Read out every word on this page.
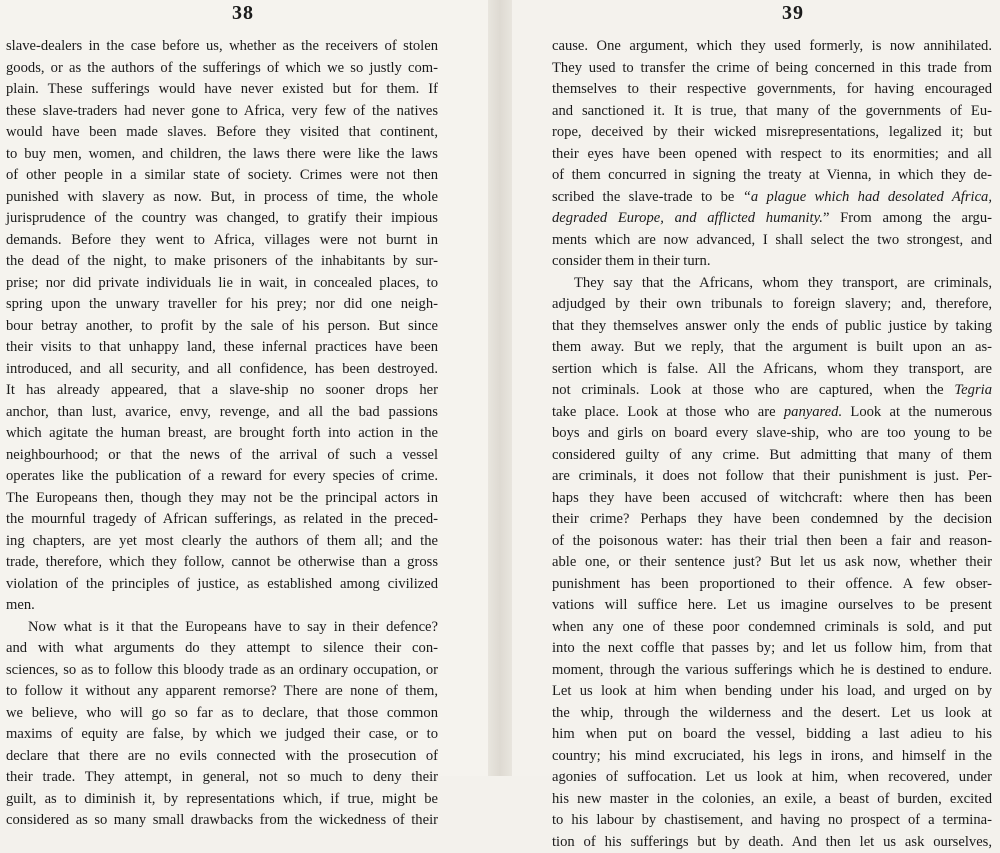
38
slave-dealers in the case before us, whether as the receivers of stolen
goods, or as the authors of the sufferings of which we so justly com-
plain. These sufferings would have never existed but for them. If
these slave-traders had never gone to Africa, very few of the natives
would have been made slaves. Before they visited that continent,
to buy men, women, and children, the laws there were like the laws
of other people in a similar state of society. Crimes were not then
punished with slavery as now. But, in process of time, the whole
jurisprudence of the country was changed, to gratify their impious
demands. Before they went to Africa, villages were not burnt in
the dead of the night, to make prisoners of the inhabitants by sur-
prise; nor did private individuals lie in wait, in concealed places, to
spring upon the unwary traveller for his prey; nor did one neigh-
bour betray another, to profit by the sale of his person. But since
their visits to that unhappy land, these infernal practices have been
introduced, and all security, and all confidence, has been destroyed.
It has already appeared, that a slave-ship no sooner drops her
anchor, than lust, avarice, envy, revenge, and all the bad passions
which agitate the human breast, are brought forth into action in the
neighbourhood; or that the news of the arrival of such a vessel
operates like the publication of a reward for every species of crime.
The Europeans then, though they may not be the principal actors in
the mournful tragedy of African sufferings, as related in the preced-
ing chapters, are yet most clearly the authors of them all; and the
trade, therefore, which they follow, cannot be otherwise than a gross
violation of the principles of justice, as established among civilized
men.
Now what is it that the Europeans have to say in their defence?
and with what arguments do they attempt to silence their con-
sciences, so as to follow this bloody trade as an ordinary occupation, or
to follow it without any apparent remorse? There are none of them,
we believe, who will go so far as to declare, that those common
maxims of equity are false, by which we judged their case, or to
declare that there are no evils connected with the prosecution of
their trade. They attempt, in general, not so much to deny their
guilt, as to diminish it, by representations which, if true, might be
considered as so many small drawbacks from the wickedness of their
39
cause. One argument, which they used formerly, is now annihilated.
They used to transfer the crime of being concerned in this trade from
themselves to their respective governments, for having encouraged
and sanctioned it. It is true, that many of the governments of Eu-
rope, deceived by their wicked misrepresentations, legalized it; but
their eyes have been opened with respect to its enormities; and all
of them concurred in signing the treaty at Vienna, in which they de-
scribed the slave-trade to be “a plague which had desolated Africa,
degraded Europe, and afflicted humanity.” From among the argu-
ments which are now advanced, I shall select the two strongest, and
consider them in their turn.
They say that the Africans, whom they transport, are criminals,
adjudged by their own tribunals to foreign slavery; and, therefore,
that they themselves answer only the ends of public justice by taking
them away. But we reply, that the argument is built upon an as-
sertion which is false. All the Africans, whom they transport, are
not criminals. Look at those who are captured, when the Tegria
take place. Look at those who are panyared. Look at the numerous
boys and girls on board every slave-ship, who are too young to be
considered guilty of any crime. But admitting that many of them
are criminals, it does not follow that their punishment is just. Per-
haps they have been accused of witchcraft: where then has been
their crime? Perhaps they have been condemned by the decision
of the poisonous water: has their trial then been a fair and reason-
able one, or their sentence just? But let us ask now, whether their
punishment has been proportioned to their offence. A few obser-
vations will suffice here. Let us imagine ourselves to be present
when any one of these poor condemned criminals is sold, and put
into the next coffle that passes by; and let us follow him, from that
moment, through the various sufferings which he is destined to endure.
Let us look at him when bending under his load, and urged on by
the whip, through the wilderness and the desert. Let us look at
him when put on board the vessel, bidding a last adieu to his
country; his mind excruciated, his legs in irons, and himself in the
agonies of suffocation. Let us look at him, when recovered, under
his new master in the colonies, an exile, a beast of burden, excited
to his labour by chastisement, and having no prospect of a termina-
tion of his sufferings but by death. And then let us ask ourselves,
